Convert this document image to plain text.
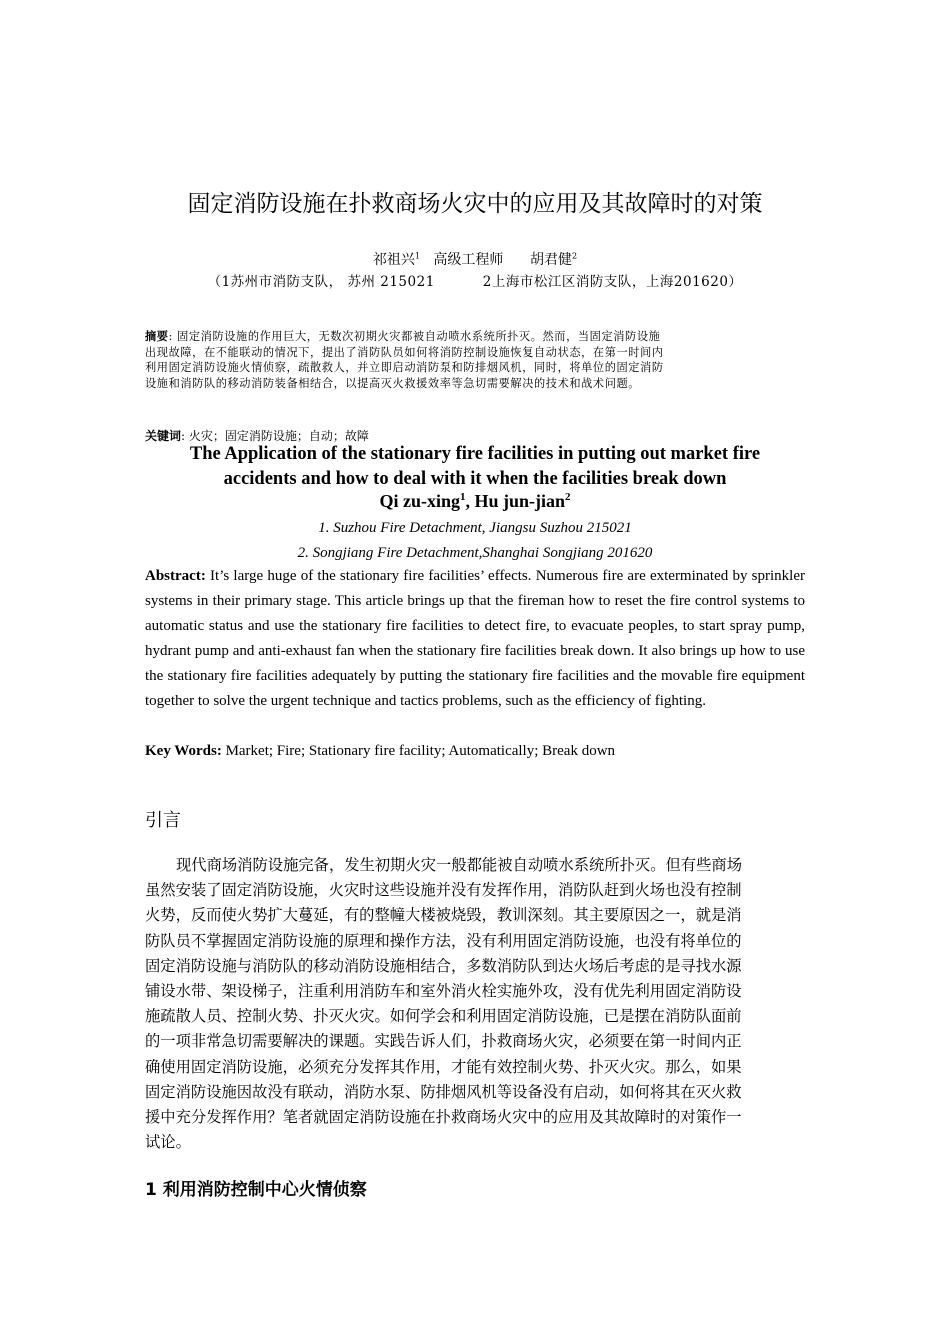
固定消防设施在扑救商场火灾中的应用及其故障时的对策
祁祖兴$^1$ 高级工程师 胡君健$^2$
（1苏州市消防支队， 苏州 215021	2上海市松江区消防支队，上海201620）
摘要: 固定消防设施的作用巨大，无数次初期火灾都被自动喷水系统所扑灭。然而，当固定消防设施
出现故障，在不能联动的情况下，提出了消防队员如何将消防控制设施恢复自动状态，在第一时间内
利用固定消防设施火情侦察，疏散救人，并立即启动消防泵和防排烟风机，同时，将单位的固定消防
设施和消防队的移动消防装备相结合，以提高灭火救援效率等急切需要解决的技术和战术问题。
关键词: 火灾；固定消防设施；自动；故障
The Application of the stationary fire facilities in putting out market fire
accidents and how to deal with it when the facilities break down
Qi zu-xing$^1$, Hu jun-jian$^2$
1. Suzhou Fire Detachment, Jiangsu Suzhou 215021
2. Songjiang Fire Detachment,Shanghai Songjiang 201620
Abstract: It’s large huge of the stationary fire facilities’ effects. Numerous fire are exterminated by sprinkler systems in their primary stage. This article brings up that the fireman how to reset the fire control systems to automatic status and use the stationary fire facilities to detect fire, to evacuate peoples, to start spray pump, hydrant pump and anti-exhaust fan when the stationary fire facilities break down. It also brings up how to use the stationary fire facilities adequately by putting the stationary fire facilities and the movable fire equipment together to solve the urgent technique and tactics problems, such as the efficiency of fighting.
Key Words: Market; Fire; Stationary fire facility; Automatically; Break down
引言
现代商场消防设施完备，发生初期火灾一般都能被自动喷水系统所扑灭。但有些商场
虽然安装了固定消防设施，火灾时这些设施并没有发挥作用，消防队赶到火场也没有控制
火势，反而使火势扩大蔓延，有的整幢大楼被烧毁，教训深刻。其主要原因之一，就是消
防队员不掌握固定消防设施的原理和操作方法，没有利用固定消防设施，也没有将单位的
固定消防设施与消防队的移动消防设施相结合，多数消防队到达火场后考虑的是寻找水源
铺设水带、架设梯子，注重利用消防车和室外消火栓实施外攻，没有优先利用固定消防设
施疏散人员、控制火势、扑灭火灾。如何学会和利用固定消防设施，已是摆在消防队面前
的一项非常急切需要解决的课题。实践告诉人们，扑救商场火灾，必须要在第一时间内正
确使用固定消防设施，必须充分发挥其作用，才能有效控制火势、扑灭火灾。那么，如果
固定消防设施因故没有联动，消防水泵、防排烟风机等设备没有启动，如何将其在灭火救
援中充分发挥作用？笔者就固定消防设施在扑救商场火灾中的应用及其故障时的对策作一
试论。
1 利用消防控制中心火情侦察
